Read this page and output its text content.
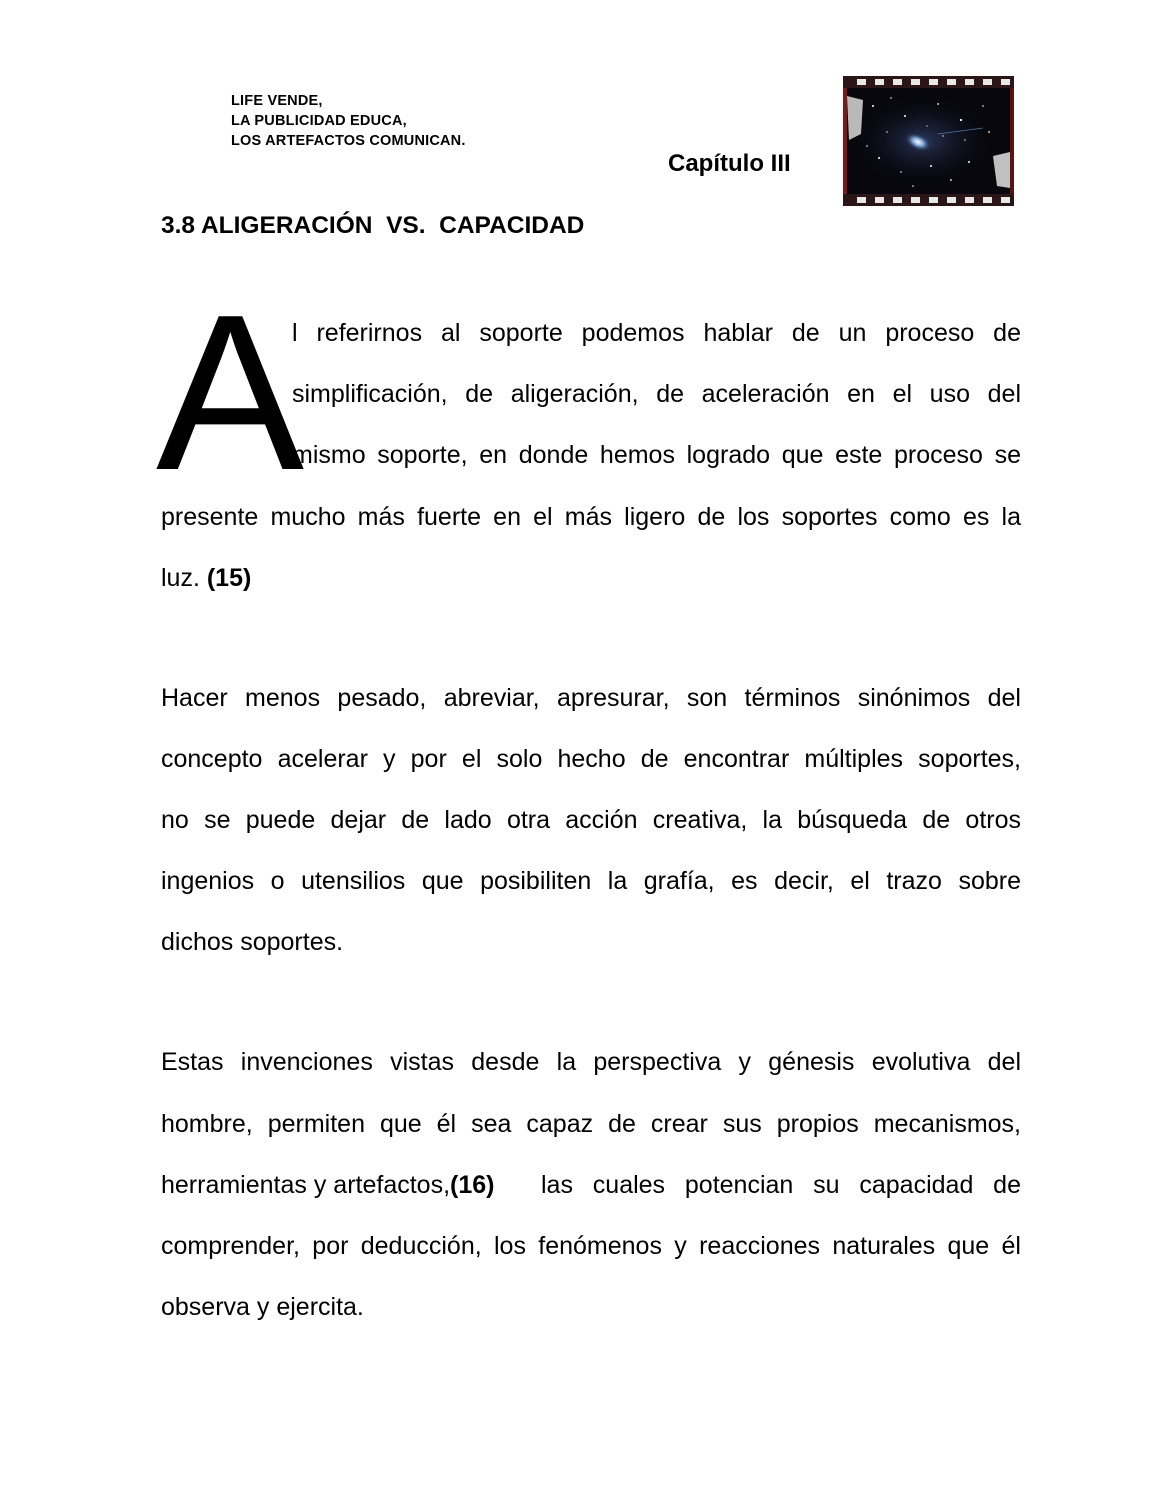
LIFE VENDE,
LA PUBLICIDAD EDUCA,
LOS ARTEFACTOS COMUNICAN.
Capítulo III
3.8 ALIGERACIÓN  VS.  CAPACIDAD
A
l referirnos al soporte podemos hablar de un proceso de
simplificación, de aligeración, de aceleración en el uso del
mismo soporte, en donde hemos logrado que este proceso se
presente mucho más fuerte en el más ligero de los soportes como es la
luz. (15)
Hacer menos pesado, abreviar, apresurar, son términos sinónimos del
concepto acelerar y por el solo hecho de encontrar múltiples soportes,
no se puede dejar de lado otra acción creativa, la búsqueda de otros
ingenios o utensilios que posibiliten la grafía, es decir, el trazo sobre
dichos soportes.
Estas invenciones vistas desde la perspectiva y génesis evolutiva del
hombre, permiten que él sea capaz de crear sus propios mecanismos,
herramientas y artefactos,(16) las cuales potencian su capacidad de
comprender, por deducción, los fenómenos y reacciones naturales que él
observa y ejercita.
